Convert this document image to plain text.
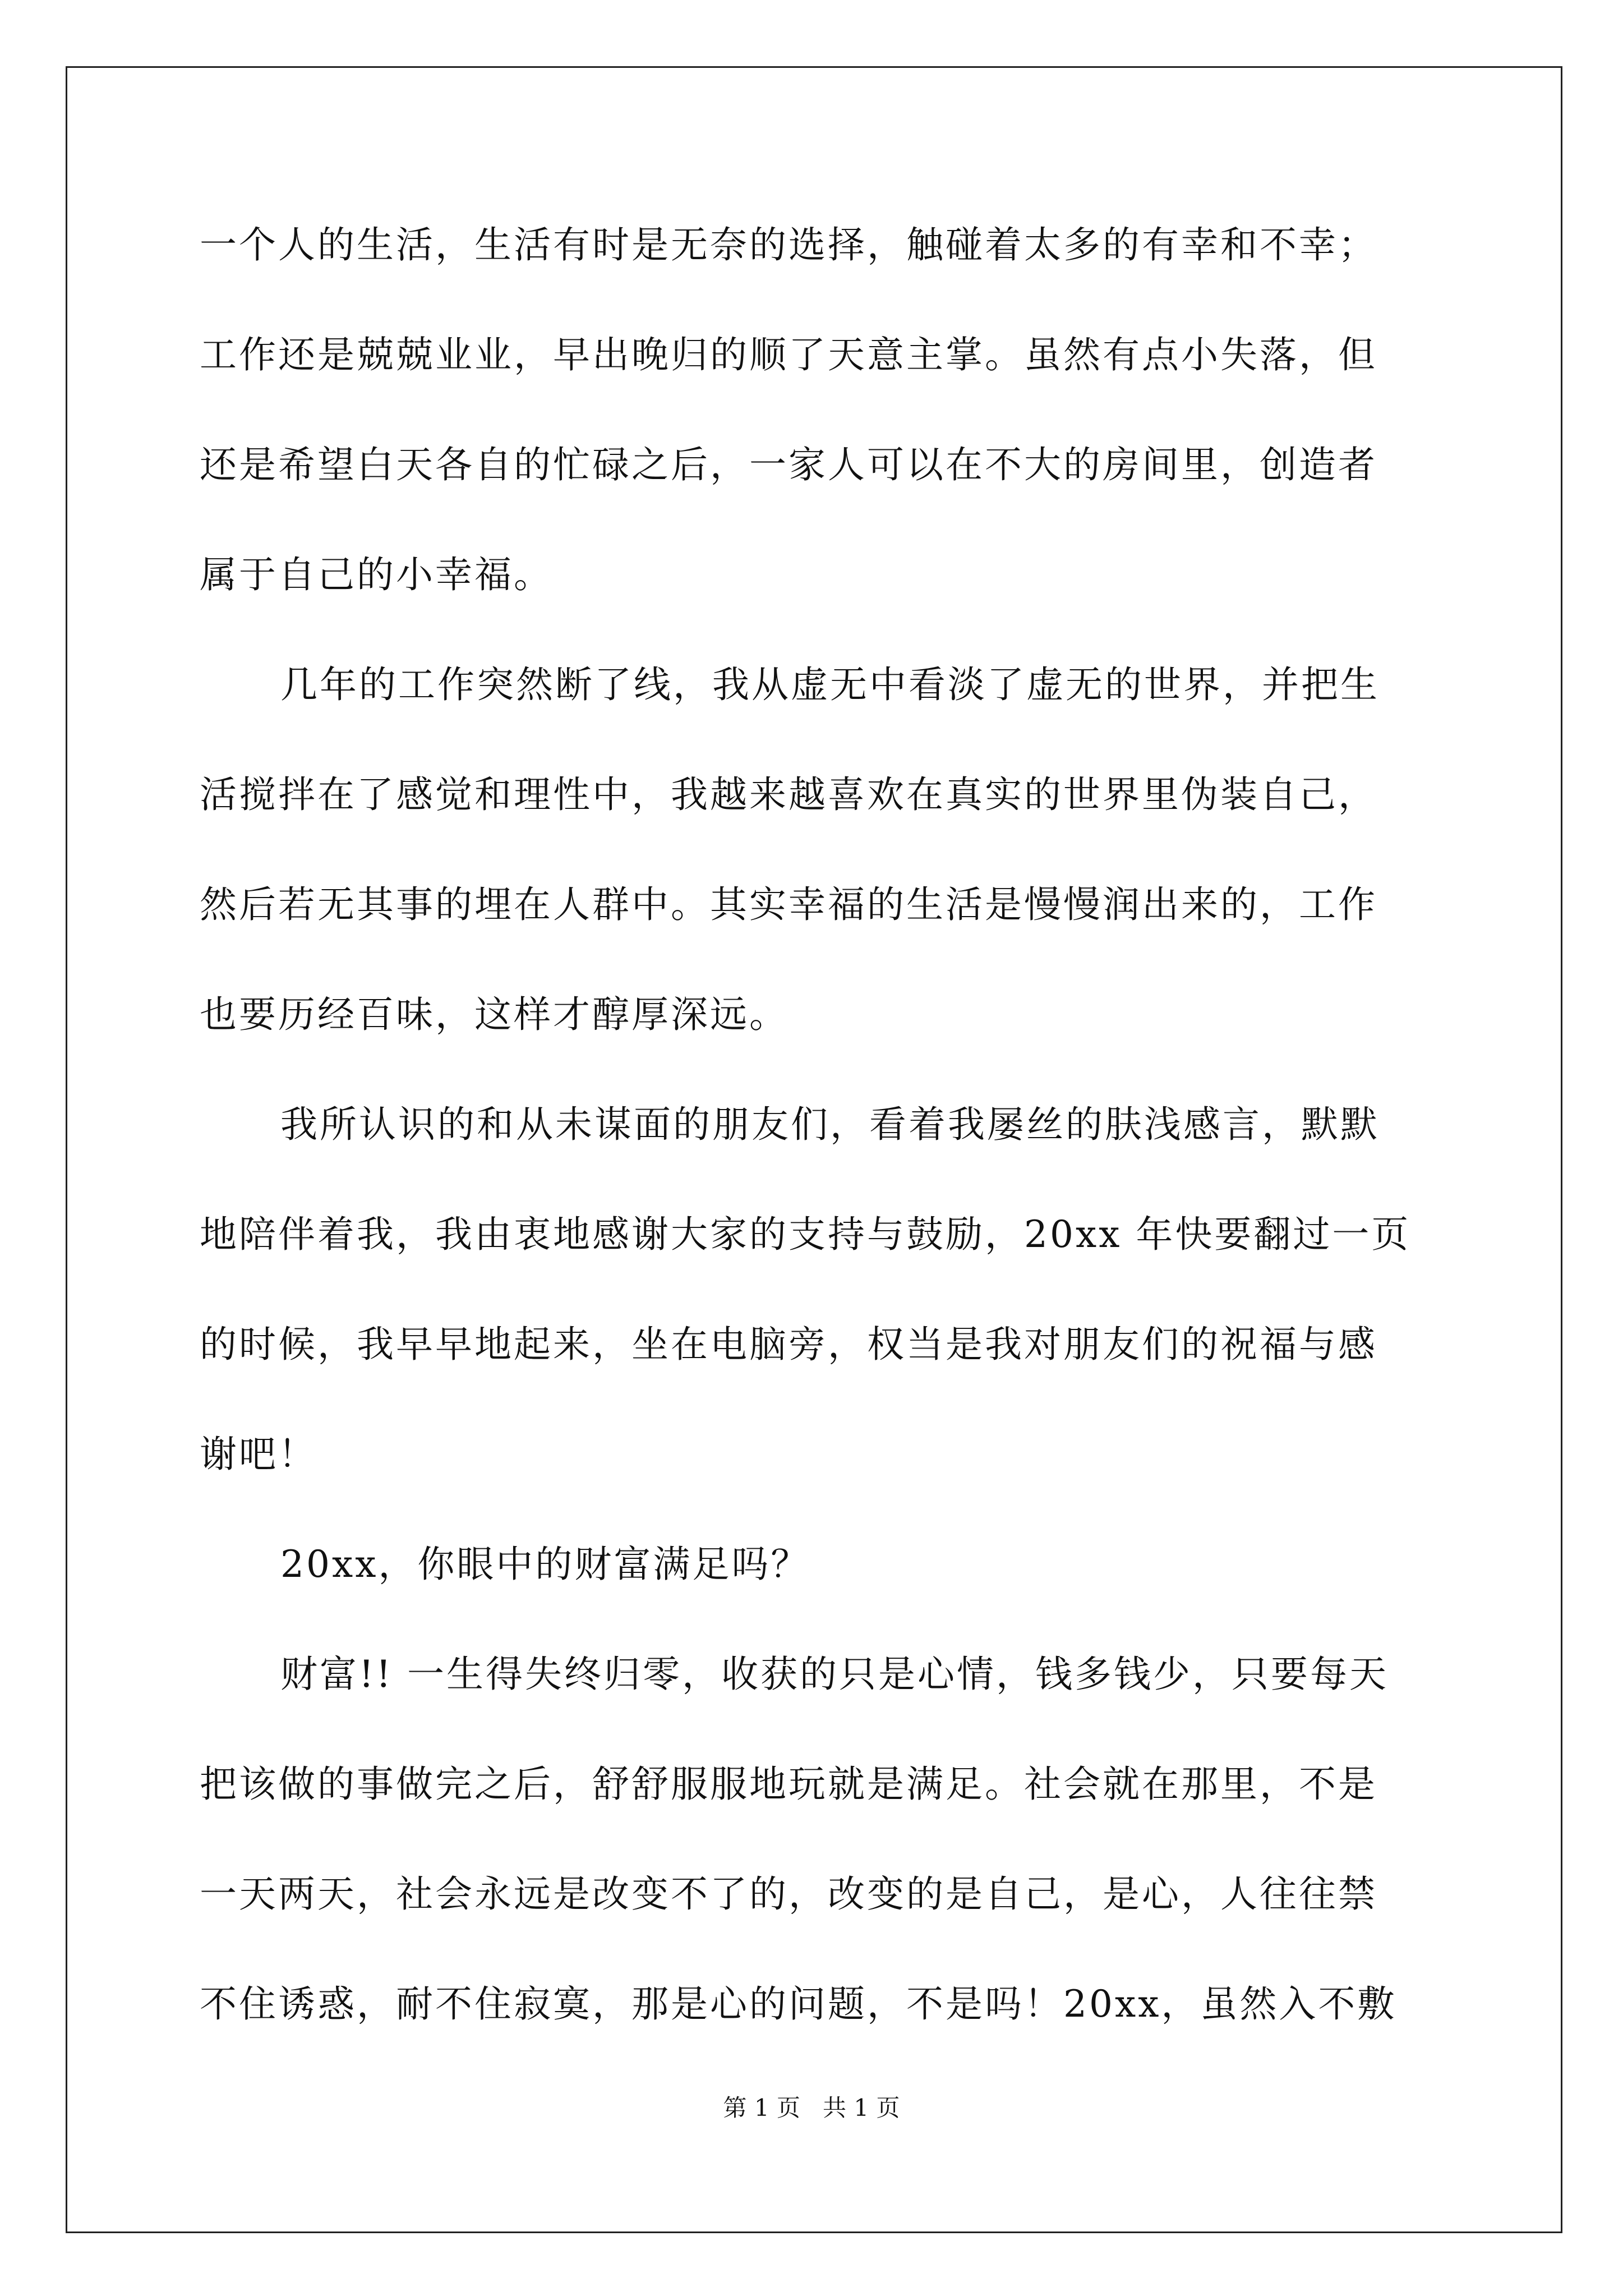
一个人的生活，生活有时是无奈的选择，触碰着太多的有幸和不幸；
工作还是兢兢业业，早出晚归的顺了天意主掌。虽然有点小失落，但
还是希望白天各自的忙碌之后，一家人可以在不大的房间里，创造者
属于自己的小幸福。
几年的工作突然断了线，我从虚无中看淡了虚无的世界，并把生
活搅拌在了感觉和理性中，我越来越喜欢在真实的世界里伪装自己，
然后若无其事的埋在人群中。其实幸福的生活是慢慢润出来的，工作
也要历经百味，这样才醇厚深远。
我所认识的和从未谋面的朋友们，看着我屡丝的肤浅感言，默默
地陪伴着我，我由衷地感谢大家的支持与鼓励，20xx 年快要翻过一页
的时候，我早早地起来，坐在电脑旁，权当是我对朋友们的祝福与感
谢吧！
20xx，你眼中的财富满足吗？
财富!! 一生得失终归零，收获的只是心情，钱多钱少，只要每天
把该做的事做完之后，舒舒服服地玩就是满足。社会就在那里，不是
一天两天，社会永远是改变不了的，改变的是自己，是心，人往往禁
不住诱惑，耐不住寂寞，那是心的问题，不是吗！20xx，虽然入不敷
第 1 页   共 1 页
